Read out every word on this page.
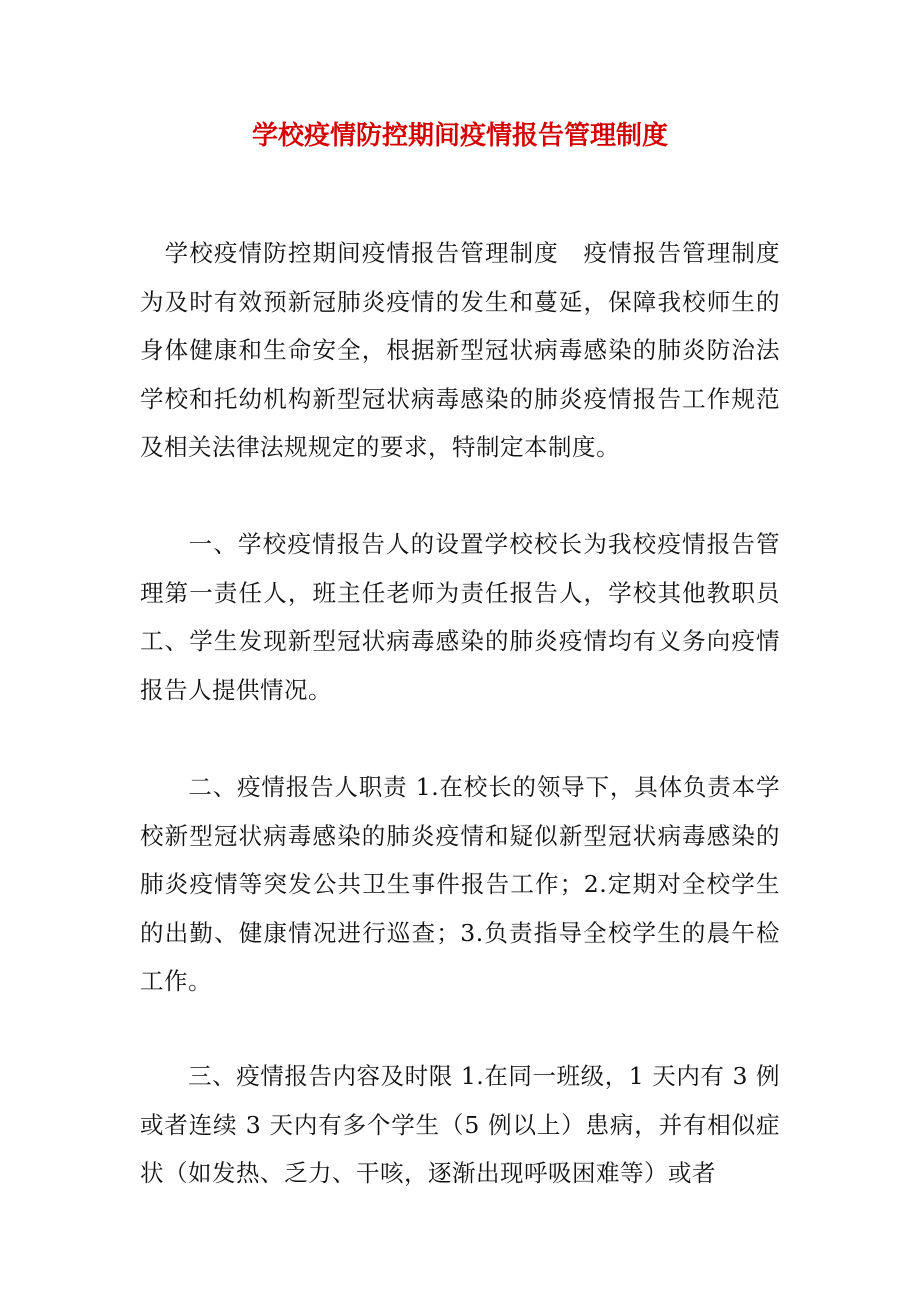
学校疫情防控期间疫情报告管理制度

学校疫情防控期间疫情报告管理制度　疫情报告管理制度为及时有效预新冠肺炎疫情的发生和蔓延，保障我校师生的身体健康和生命安全，根据新型冠状病毒感染的肺炎防治法学校和托幼机构新型冠状病毒感染的肺炎疫情报告工作规范及相关法律法规规定的要求，特制定本制度。

一、学校疫情报告人的设置学校校长为我校疫情报告管理第一责任人，班主任老师为责任报告人，学校其他教职员工、学生发现新型冠状病毒感染的肺炎疫情均有义务向疫情报告人提供情况。

二、疫情报告人职责 1.在校长的领导下，具体负责本学校新型冠状病毒感染的肺炎疫情和疑似新型冠状病毒感染的肺炎疫情等突发公共卫生事件报告工作；2.定期对全校学生的出勤、健康情况进行巡查；3.负责指导全校学生的晨午检工作。

三、疫情报告内容及时限 1.在同一班级，1 天内有 3 例或者连续 3 天内有多个学生（5 例以上）患病，并有相似症状（如发热、乏力、干咳，逐渐出现呼吸困难等）或者
